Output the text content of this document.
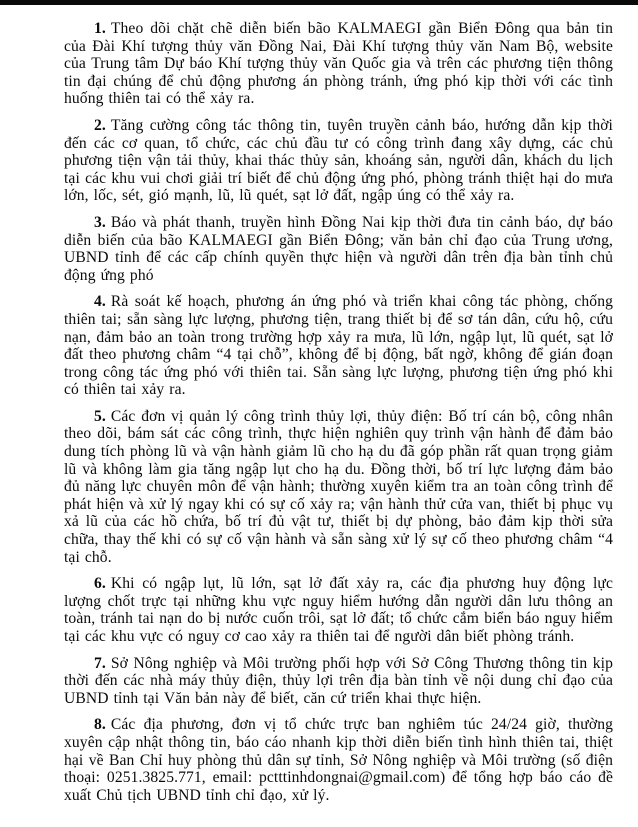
1. Theo dõi chặt chẽ diễn biến bão KALMAEGI gần Biển Đông qua bản tin của Đài Khí tượng thủy văn Đồng Nai, Đài Khí tượng thủy văn Nam Bộ, website của Trung tâm Dự báo Khí tượng thủy văn Quốc gia và trên các phương tiện thông tin đại chúng để chủ động phương án phòng tránh, ứng phó kịp thời với các tình huống thiên tai có thể xảy ra.

2. Tăng cường công tác thông tin, tuyên truyền cảnh báo, hướng dẫn kịp thời đến các cơ quan, tổ chức, các chủ đầu tư có công trình đang xây dựng, các chủ phương tiện vận tải thủy, khai thác thủy sản, khoáng sản, người dân, khách du lịch tại các khu vui chơi giải trí biết để chủ động ứng phó, phòng tránh thiệt hại do mưa lớn, lốc, sét, gió mạnh, lũ, lũ quét, sạt lở đất, ngập úng có thể xảy ra.

3. Báo và phát thanh, truyền hình Đồng Nai kịp thời đưa tin cảnh báo, dự báo diễn biến của bão KALMAEGI gần Biển Đông; văn bản chỉ đạo của Trung ương, UBND tỉnh để các cấp chính quyền thực hiện và người dân trên địa bàn tỉnh chủ động ứng phó

4. Rà soát kế hoạch, phương án ứng phó và triển khai công tác phòng, chống thiên tai; sẵn sàng lực lượng, phương tiện, trang thiết bị để sơ tán dân, cứu hộ, cứu nạn, đảm bảo an toàn trong trường hợp xảy ra mưa, lũ lớn, ngập lụt, lũ quét, sạt lở đất theo phương châm “4 tại chỗ”, không để bị động, bất ngờ, không để gián đoạn trong công tác ứng phó với thiên tai. Sẵn sàng lực lượng, phương tiện ứng phó khi có thiên tai xảy ra.

5. Các đơn vị quản lý công trình thủy lợi, thủy điện: Bố trí cán bộ, công nhân theo dõi, bám sát các công trình, thực hiện nghiên quy trình vận hành để đảm bảo dung tích phòng lũ và vận hành giảm lũ cho hạ du đã góp phần rất quan trọng giảm lũ và không làm gia tăng ngập lụt cho hạ du. Đồng thời, bố trí lực lượng đảm bảo đủ năng lực chuyên môn để vận hành; thường xuyên kiểm tra an toàn công trình để phát hiện và xử lý ngay khi có sự cố xảy ra; vận hành thử cửa van, thiết bị phục vụ xả lũ của các hồ chứa, bố trí đủ vật tư, thiết bị dự phòng, bảo đảm kịp thời sửa chữa, thay thế khi có sự cố vận hành và sẵn sàng xử lý sự cố theo phương châm “4 tại chỗ.

6. Khi có ngập lụt, lũ lớn, sạt lở đất xảy ra, các địa phương huy động lực lượng chốt trực tại những khu vực nguy hiểm hướng dẫn người dân lưu thông an toàn, tránh tai nạn do bị nước cuốn trôi, sạt lở đất; tổ chức cắm biển báo nguy hiểm tại các khu vực có nguy cơ cao xảy ra thiên tai để người dân biết phòng tránh.

7. Sở Nông nghiệp và Môi trường phối hợp với Sở Công Thương thông tin kịp thời đến các nhà máy thủy điện, thủy lợi trên địa bàn tỉnh về nội dung chỉ đạo của UBND tỉnh tại Văn bản này để biết, căn cứ triển khai thực hiện.

8. Các địa phương, đơn vị tổ chức trực ban nghiêm túc 24/24 giờ, thường xuyên cập nhật thông tin, báo cáo nhanh kịp thời diễn biến tình hình thiên tai, thiệt hại về Ban Chỉ huy phòng thủ dân sự tỉnh, Sở Nông nghiệp và Môi trường (số điện thoại: 0251.3825.771, email: pctttinhdongnai@gmail.com) để tổng hợp báo cáo đề xuất Chủ tịch UBND tỉnh chỉ đạo, xử lý.
